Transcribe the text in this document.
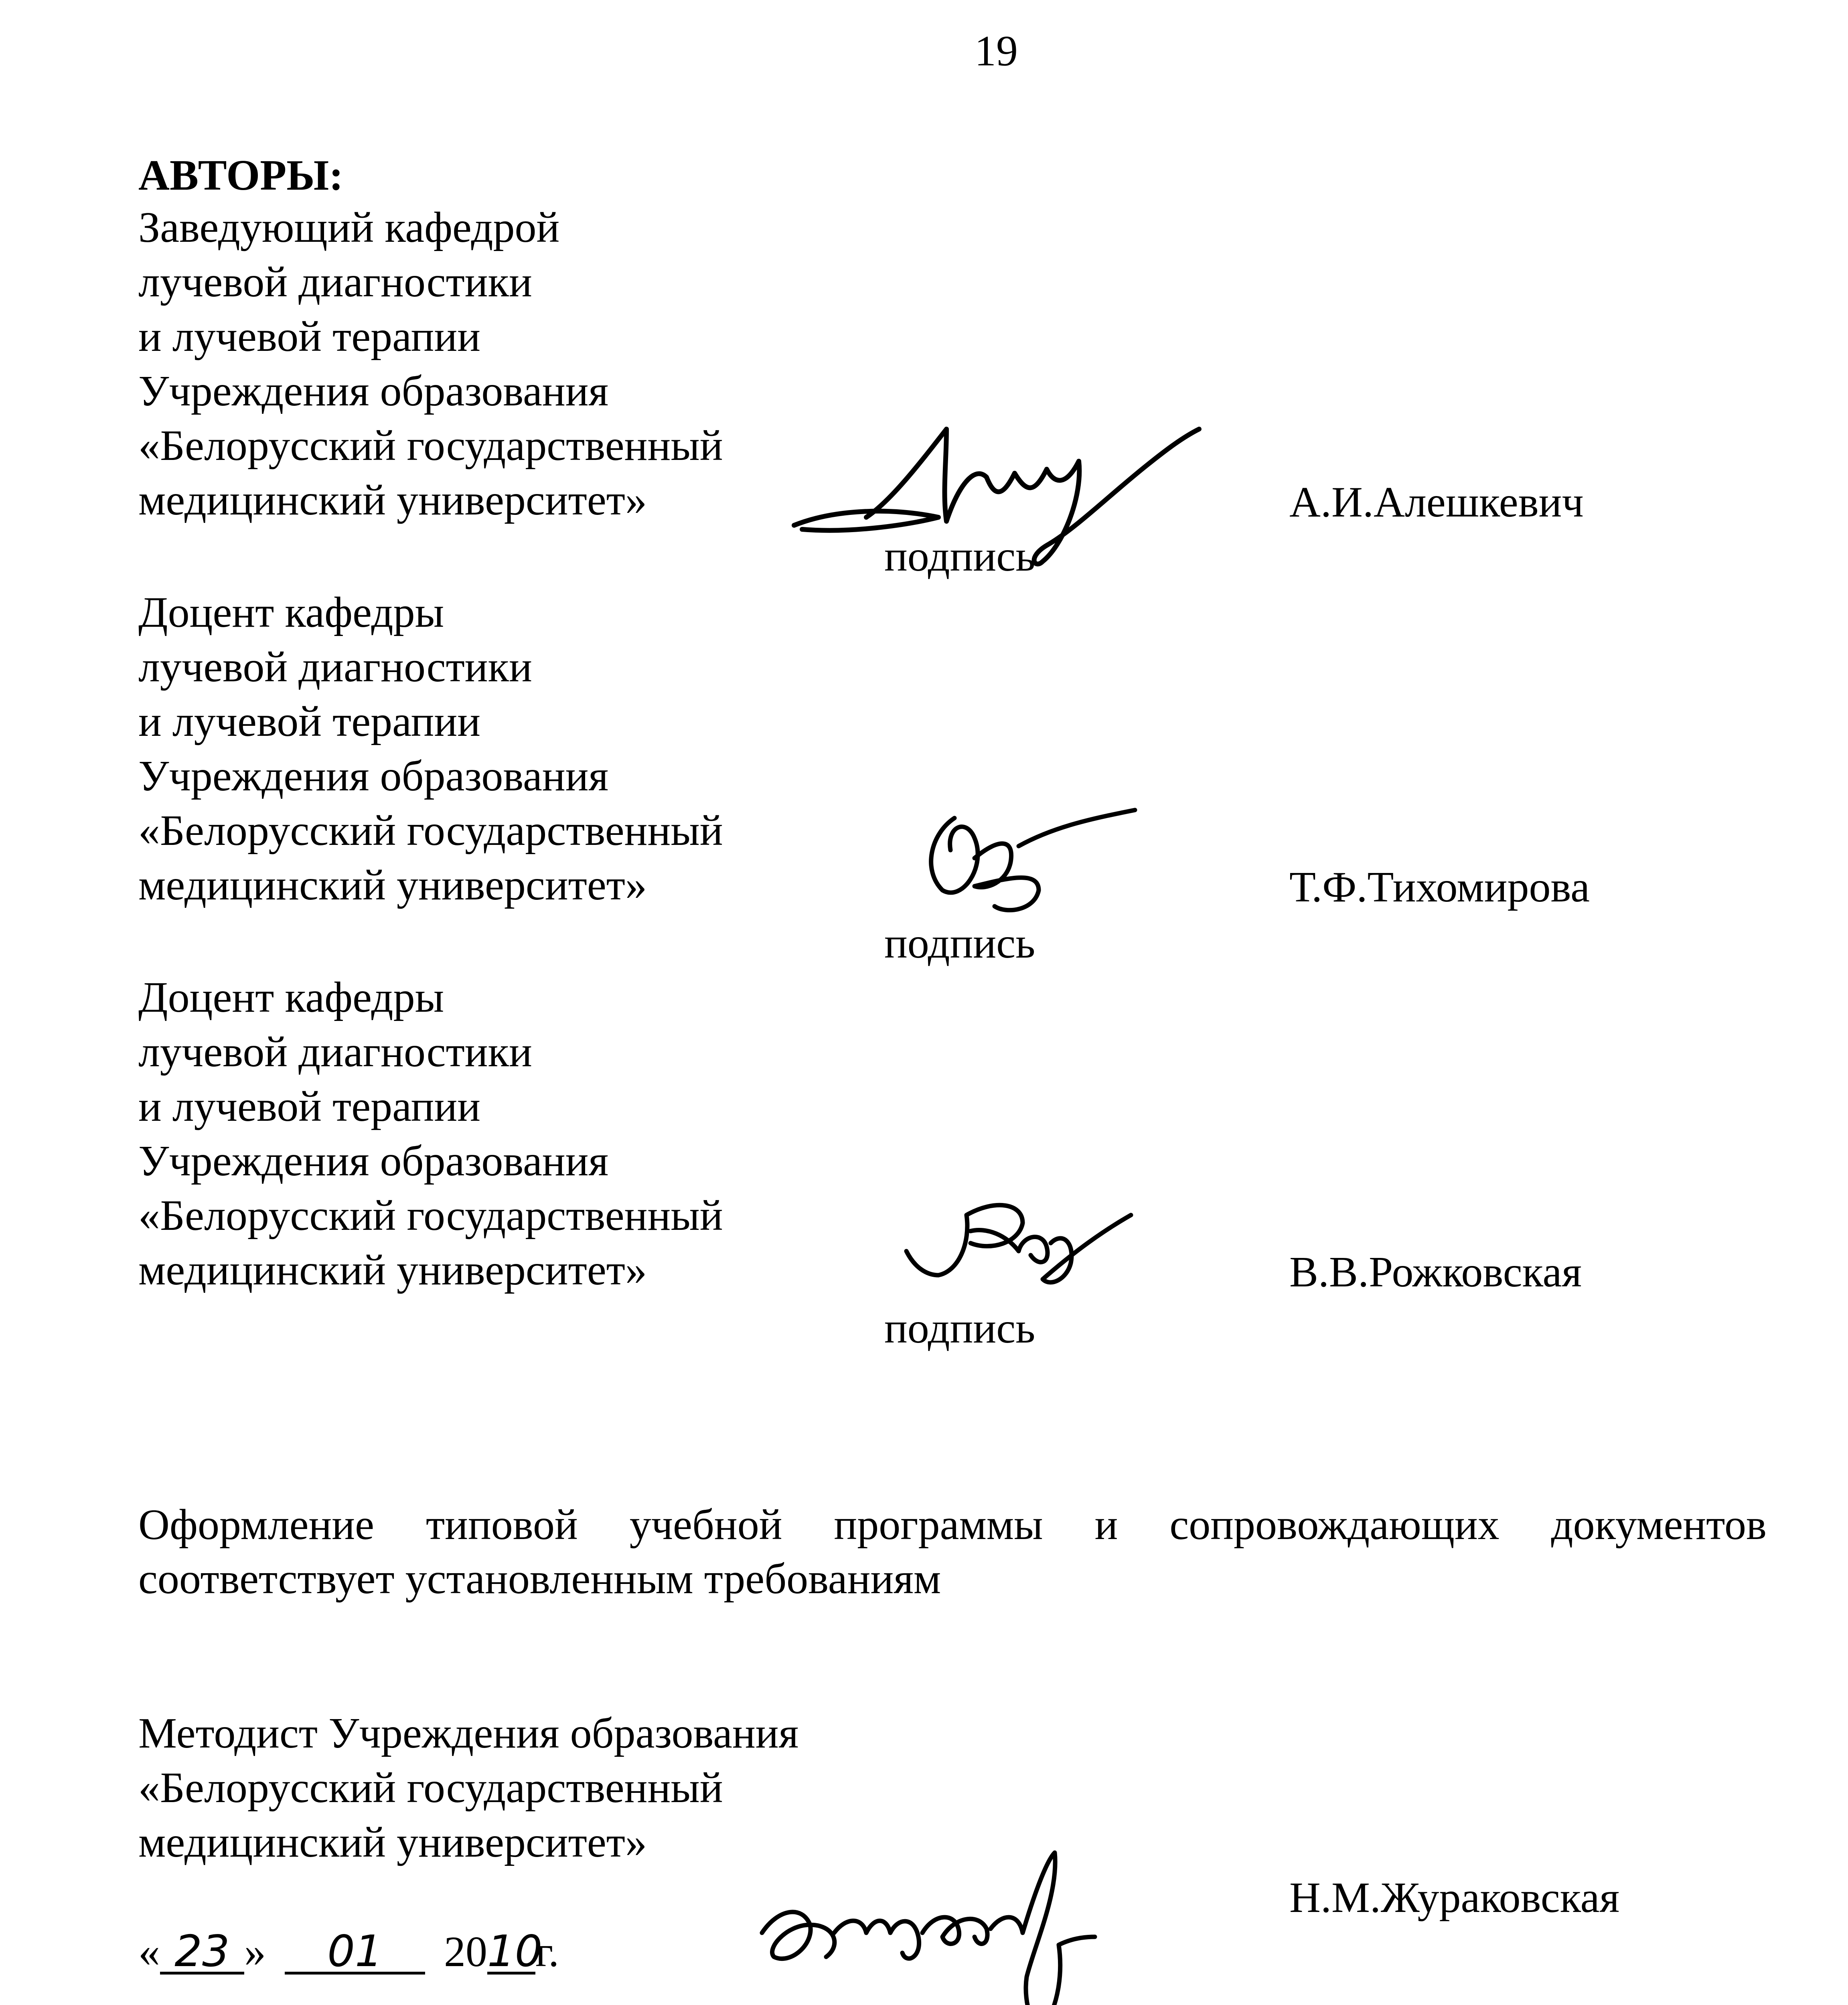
19
АВТОРЫ:
Заведующий кафедрой
лучевой диагностики
и лучевой терапии
Учреждения образования
«Белорусский государственный
медицинский университет»
подпись
А.И.Алешкевич
Доцент кафедры
лучевой диагностики
и лучевой терапии
Учреждения образования
«Белорусский государственный
медицинский университет»
подпись
Т.Ф.Тихомирова
Доцент кафедры
лучевой диагностики
и лучевой терапии
Учреждения образования
«Белорусский государственный
медицинский университет»
подпись
В.В.Рожковская
Оформление типовой учебной программы и сопровождающих документов
соответствует установленным требованиям
Методист Учреждения образования
«Белорусский государственный
медицинский университет»
« 23 » 01 2010г.
Н.М.Жураковская
